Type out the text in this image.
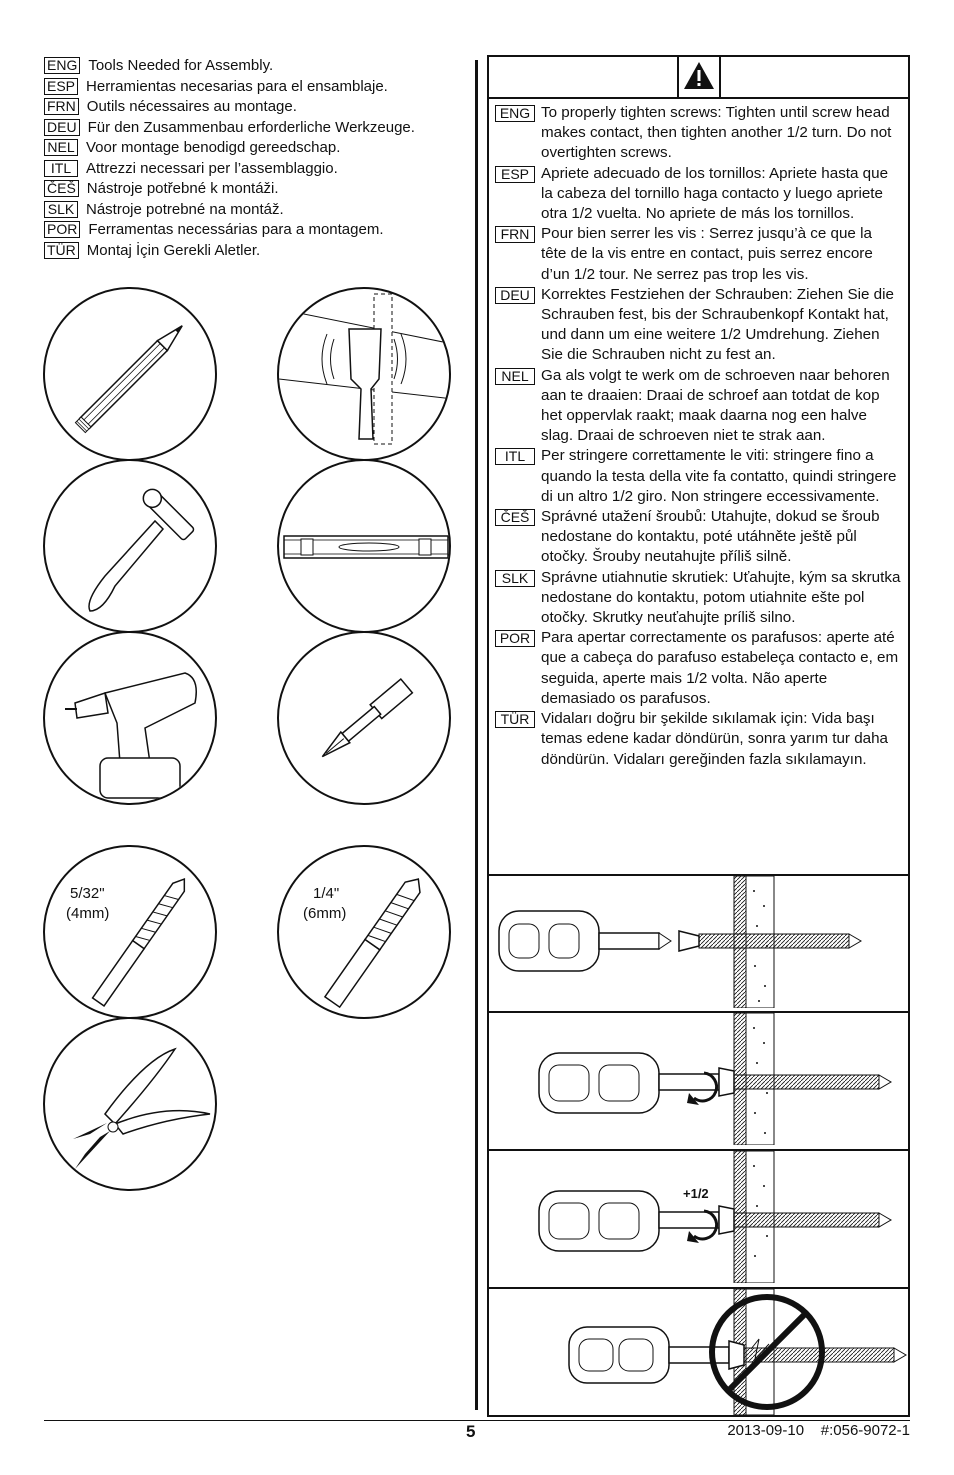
ENG Tools Needed for Assembly.
ESP Herramientas necesarias para el ensamblaje.
FRN Outils nécessaires au montage.
DEU Für den Zusammenbau erforderliche Werkzeuge.
NEL Voor montage benodigd gereedschap.
ITL Attrezzi necessari per l’assemblaggio.
ČEŠ Nástroje potřebné k montáži.
SLK Nástroje potrebné na montáž.
POR Ferramentas necessárias para a montagem.
TÜR Montaj İçin Gerekli Aletler.
5/32"
(4mm)
1/4"
(6mm)
ENG To properly tighten screws: Tighten until screw head makes contact, then tighten another 1/2 turn. Do not overtighten screws.
ESP Apriete adecuado de los tornillos: Apriete hasta que la cabeza del tornillo haga contacto y luego apriete otra 1/2 vuelta. No apriete de más los tornillos.
FRN Pour bien serrer les vis : Serrez jusqu’à ce que la tête de la vis entre en contact, puis serrez encore d’un 1/2 tour. Ne serrez pas trop les vis.
DEU Korrektes Festziehen der Schrauben: Ziehen Sie die Schrauben fest, bis der Schraubenkopf Kontakt hat, und dann um eine weitere 1/2 Umdrehung. Ziehen Sie die Schrauben nicht zu fest an.
NEL Ga als volgt te werk om de schroeven naar behoren aan te draaien: Draai de schroef aan totdat de kop het oppervlak raakt; maak daarna nog een halve slag. Draai de schroeven niet te strak aan.
ITL	Per stringere correttamente le viti: stringere fino a quando la testa della vite fa contatto, quindi stringere di un altro 1/2 giro. Non stringere eccessivamente.
ČEŠ Správné utažení šroubů: Utahujte, dokud se šroub nedostane do kontaktu, poté utáhněte ještě půl otočky. Šrouby neutahujte příliš silně.
SLK Správne utiahnutie skrutiek: Uťahujte, kým sa skrutka nedostane do kontaktu, potom utiahnite ešte pol otočky. Skrutky neuťahujte príliš silno.
POR Para apertar correctamente os parafusos: aperte até que a cabeça do parafuso estabeleça contacto e, em seguida, aperte mais 1/2 volta. Não aperte demasiado os parafusos.
TÜR Vidaları doğru bir şekilde sıkılamak için: Vida başı temas edene kadar döndürün, sonra yarım tur daha döndürün. Vidaları gereğinden fazla sıkılamayın.
+1/2
5	2013-09-10 #:056-9072-1
